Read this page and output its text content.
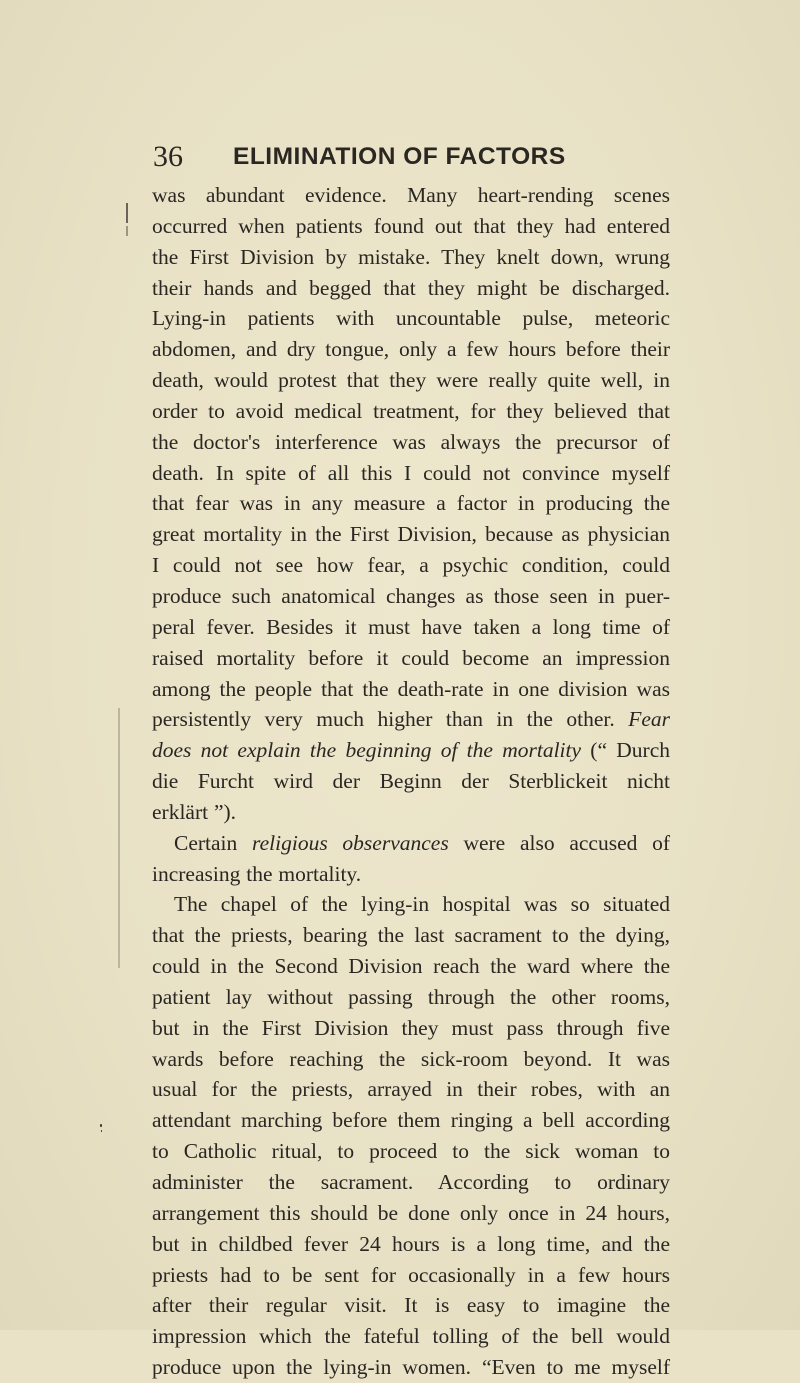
36 ELIMINATION OF FACTORS
was abundant evidence. Many heart-rending scenes
occurred when patients found out that they had entered
the First Division by mistake. They knelt down, wrung
their hands and begged that they might be discharged.
Lying-in patients with uncountable pulse, meteoric
abdomen, and dry tongue, only a few hours before their
death, would protest that they were really quite well, in
order to avoid medical treatment, for they believed that
the doctor's interference was always the precursor of
death. In spite of all this I could not convince myself
that fear was in any measure a factor in producing the
great mortality in the First Division, because as physician
I could not see how fear, a psychic condition, could
produce such anatomical changes as those seen in puer-
peral fever. Besides it must have taken a long time of
raised mortality before it could become an impression
among the people that the death-rate in one division was
persistently very much higher than in the other. Fear
does not explain the beginning of the mortality (“ Durch
die Furcht wird der Beginn der Sterblickeit nicht
erklärt ”).
Certain religious observances were also accused of
increasing the mortality.
The chapel of the lying-in hospital was so situated
that the priests, bearing the last sacrament to the dying,
could in the Second Division reach the ward where the
patient lay without passing through the other rooms,
but in the First Division they must pass through five
wards before reaching the sick-room beyond. It was
usual for the priests, arrayed in their robes, with an
attendant marching before them ringing a bell according
to Catholic ritual, to proceed to the sick woman to
administer the sacrament. According to ordinary
arrangement this should be done only once in 24 hours,
but in childbed fever 24 hours is a long time, and the
priests had to be sent for occasionally in a few hours
after their regular visit. It is easy to imagine the
impression which the fateful tolling of the bell would
produce upon the lying-in women. “Even to me myself
